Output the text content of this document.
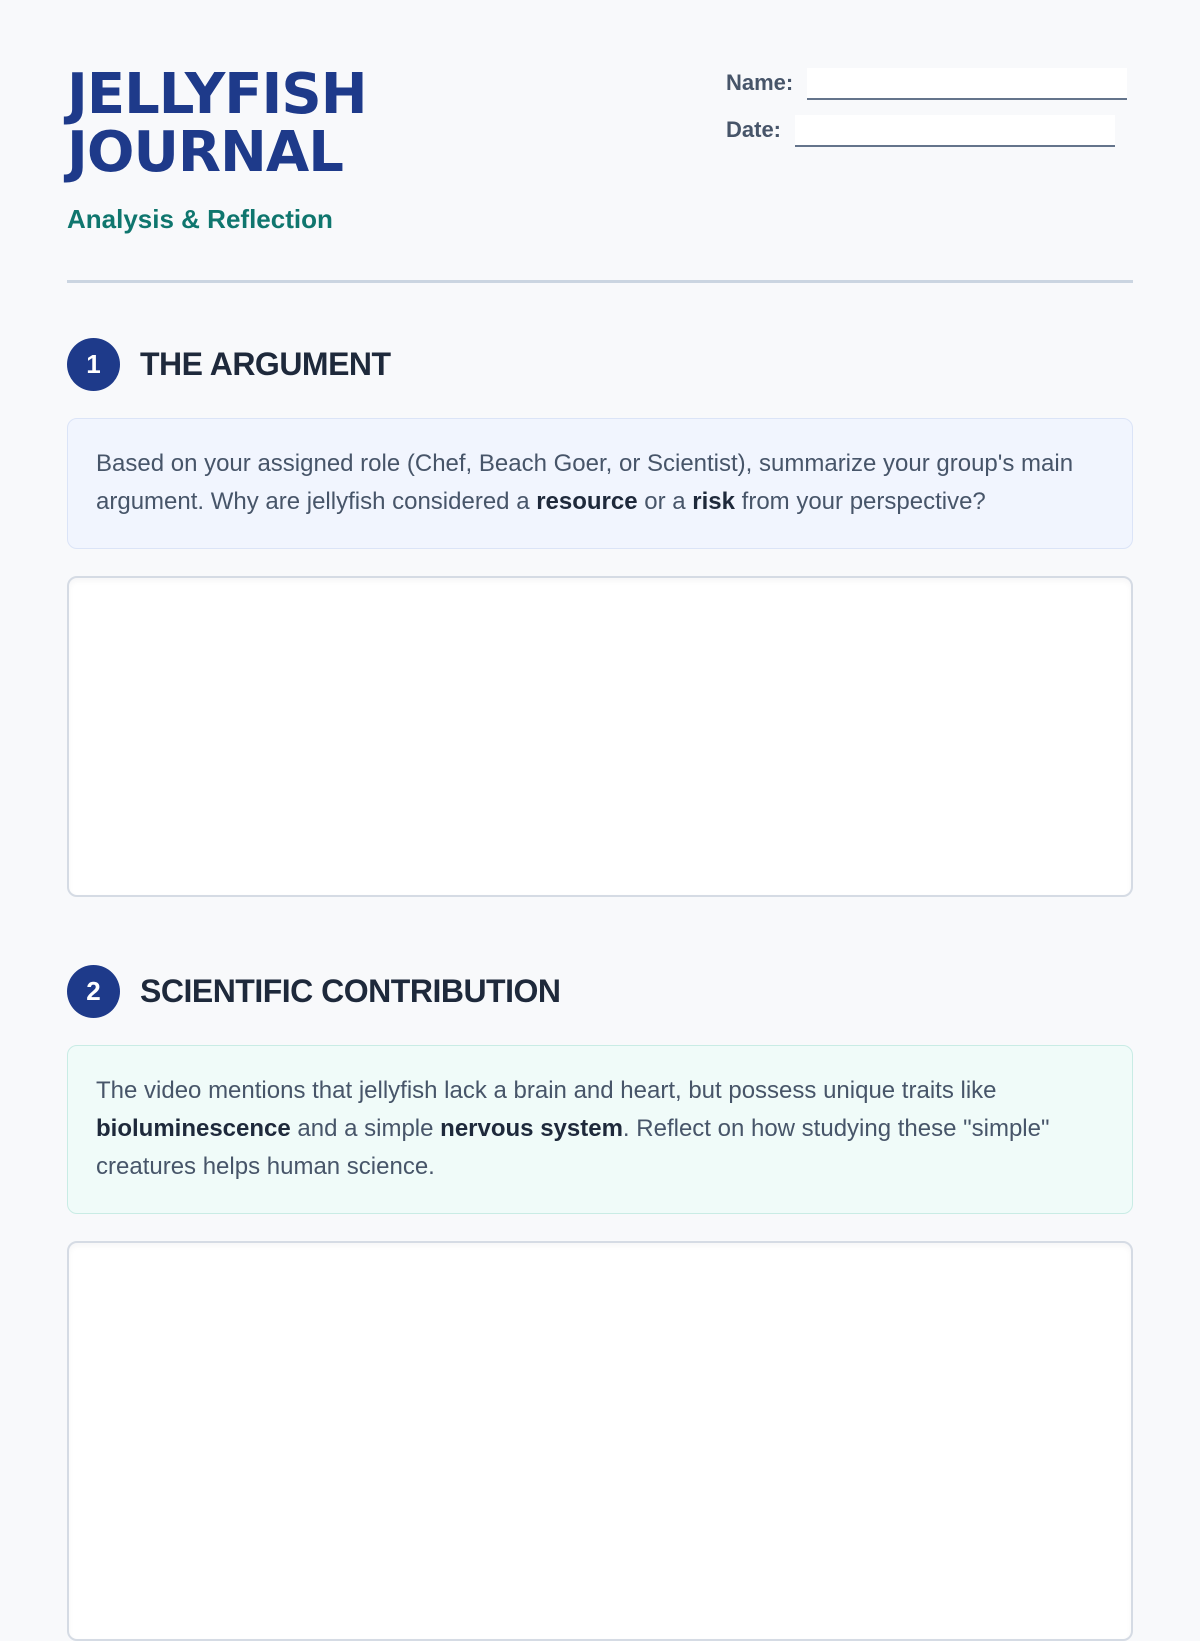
JELLYFISH
JOURNAL

Analysis & Reflection

Name:
Date:
1	THE ARGUMENT
Based on your assigned role (Chef, Beach Goer, or Scientist), summarize your group's main argument. Why are jellyfish considered a resource or a risk from your perspective?
2	SCIENTIFIC CONTRIBUTION
The video mentions that jellyfish lack a brain and heart, but possess unique traits like bioluminescence and a simple nervous system. Reflect on how studying these "simple" creatures helps human science.
